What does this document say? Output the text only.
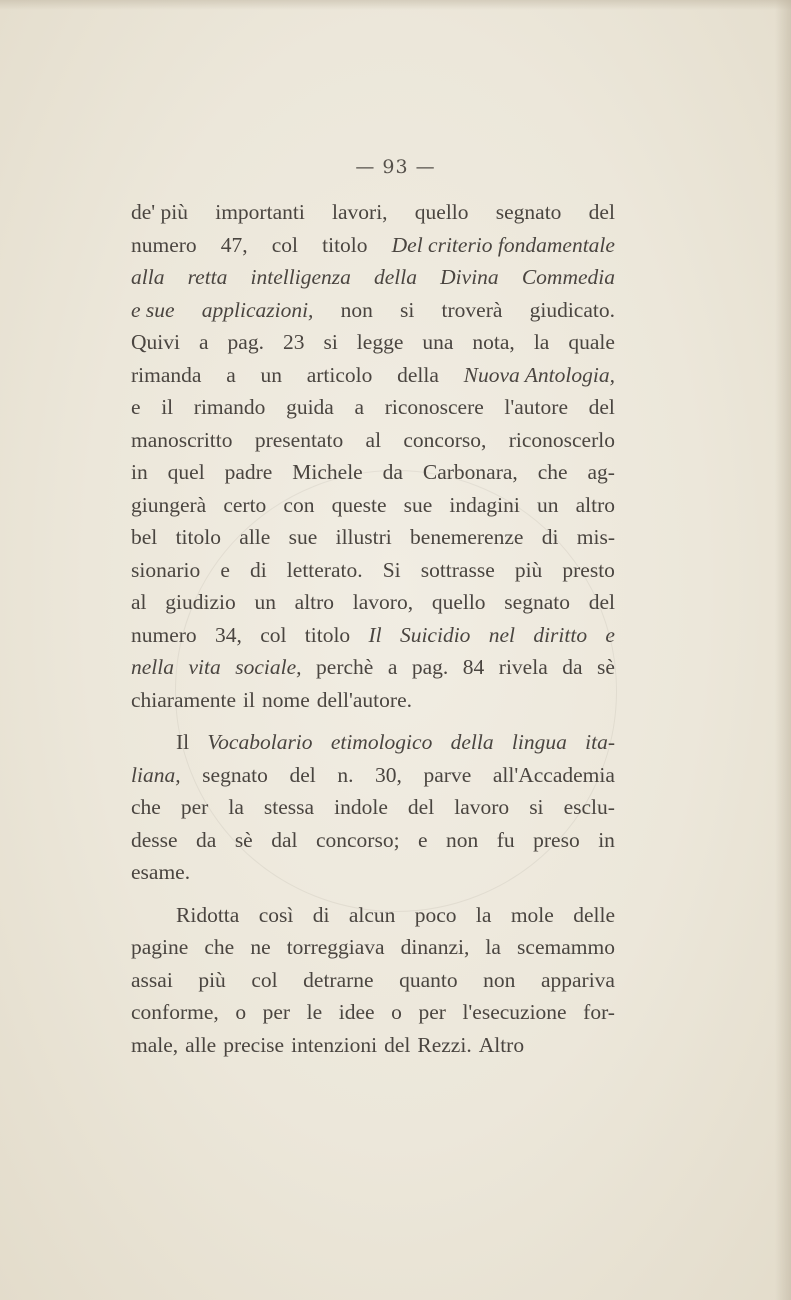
— 93 —
de' più importanti lavori, quello segnato del
numero 47, col titolo Del criterio fondamentale
alla retta intelligenza della Divina Commedia
e sue applicazioni, non si troverà giudicato.
Quivi a pag. 23 si legge una nota, la quale
rimanda a un articolo della Nuova Antologia,
e il rimando guida a riconoscere l'autore del
manoscritto presentato al concorso, riconoscerlo
in quel padre Michele da Carbonara, che ag-
giungerà certo con queste sue indagini un altro
bel titolo alle sue illustri benemerenze di mis-
sionario e di letterato. Si sottrasse più presto
al giudizio un altro lavoro, quello segnato del
numero 34, col titolo Il Suicidio nel diritto e
nella vita sociale, perchè a pag. 84 rivela da sè
chiaramente il nome dell'autore.
Il Vocabolario etimologico della lingua ita-
liana, segnato del n. 30, parve all'Accademia
che per la stessa indole del lavoro si esclu-
desse da sè dal concorso; e non fu preso in
esame.
Ridotta così di alcun poco la mole delle
pagine che ne torreggiava dinanzi, la scemammo
assai più col detrarne quanto non appariva
conforme, o per le idee o per l'esecuzione for-
male, alle precise intenzioni del Rezzi. Altro
